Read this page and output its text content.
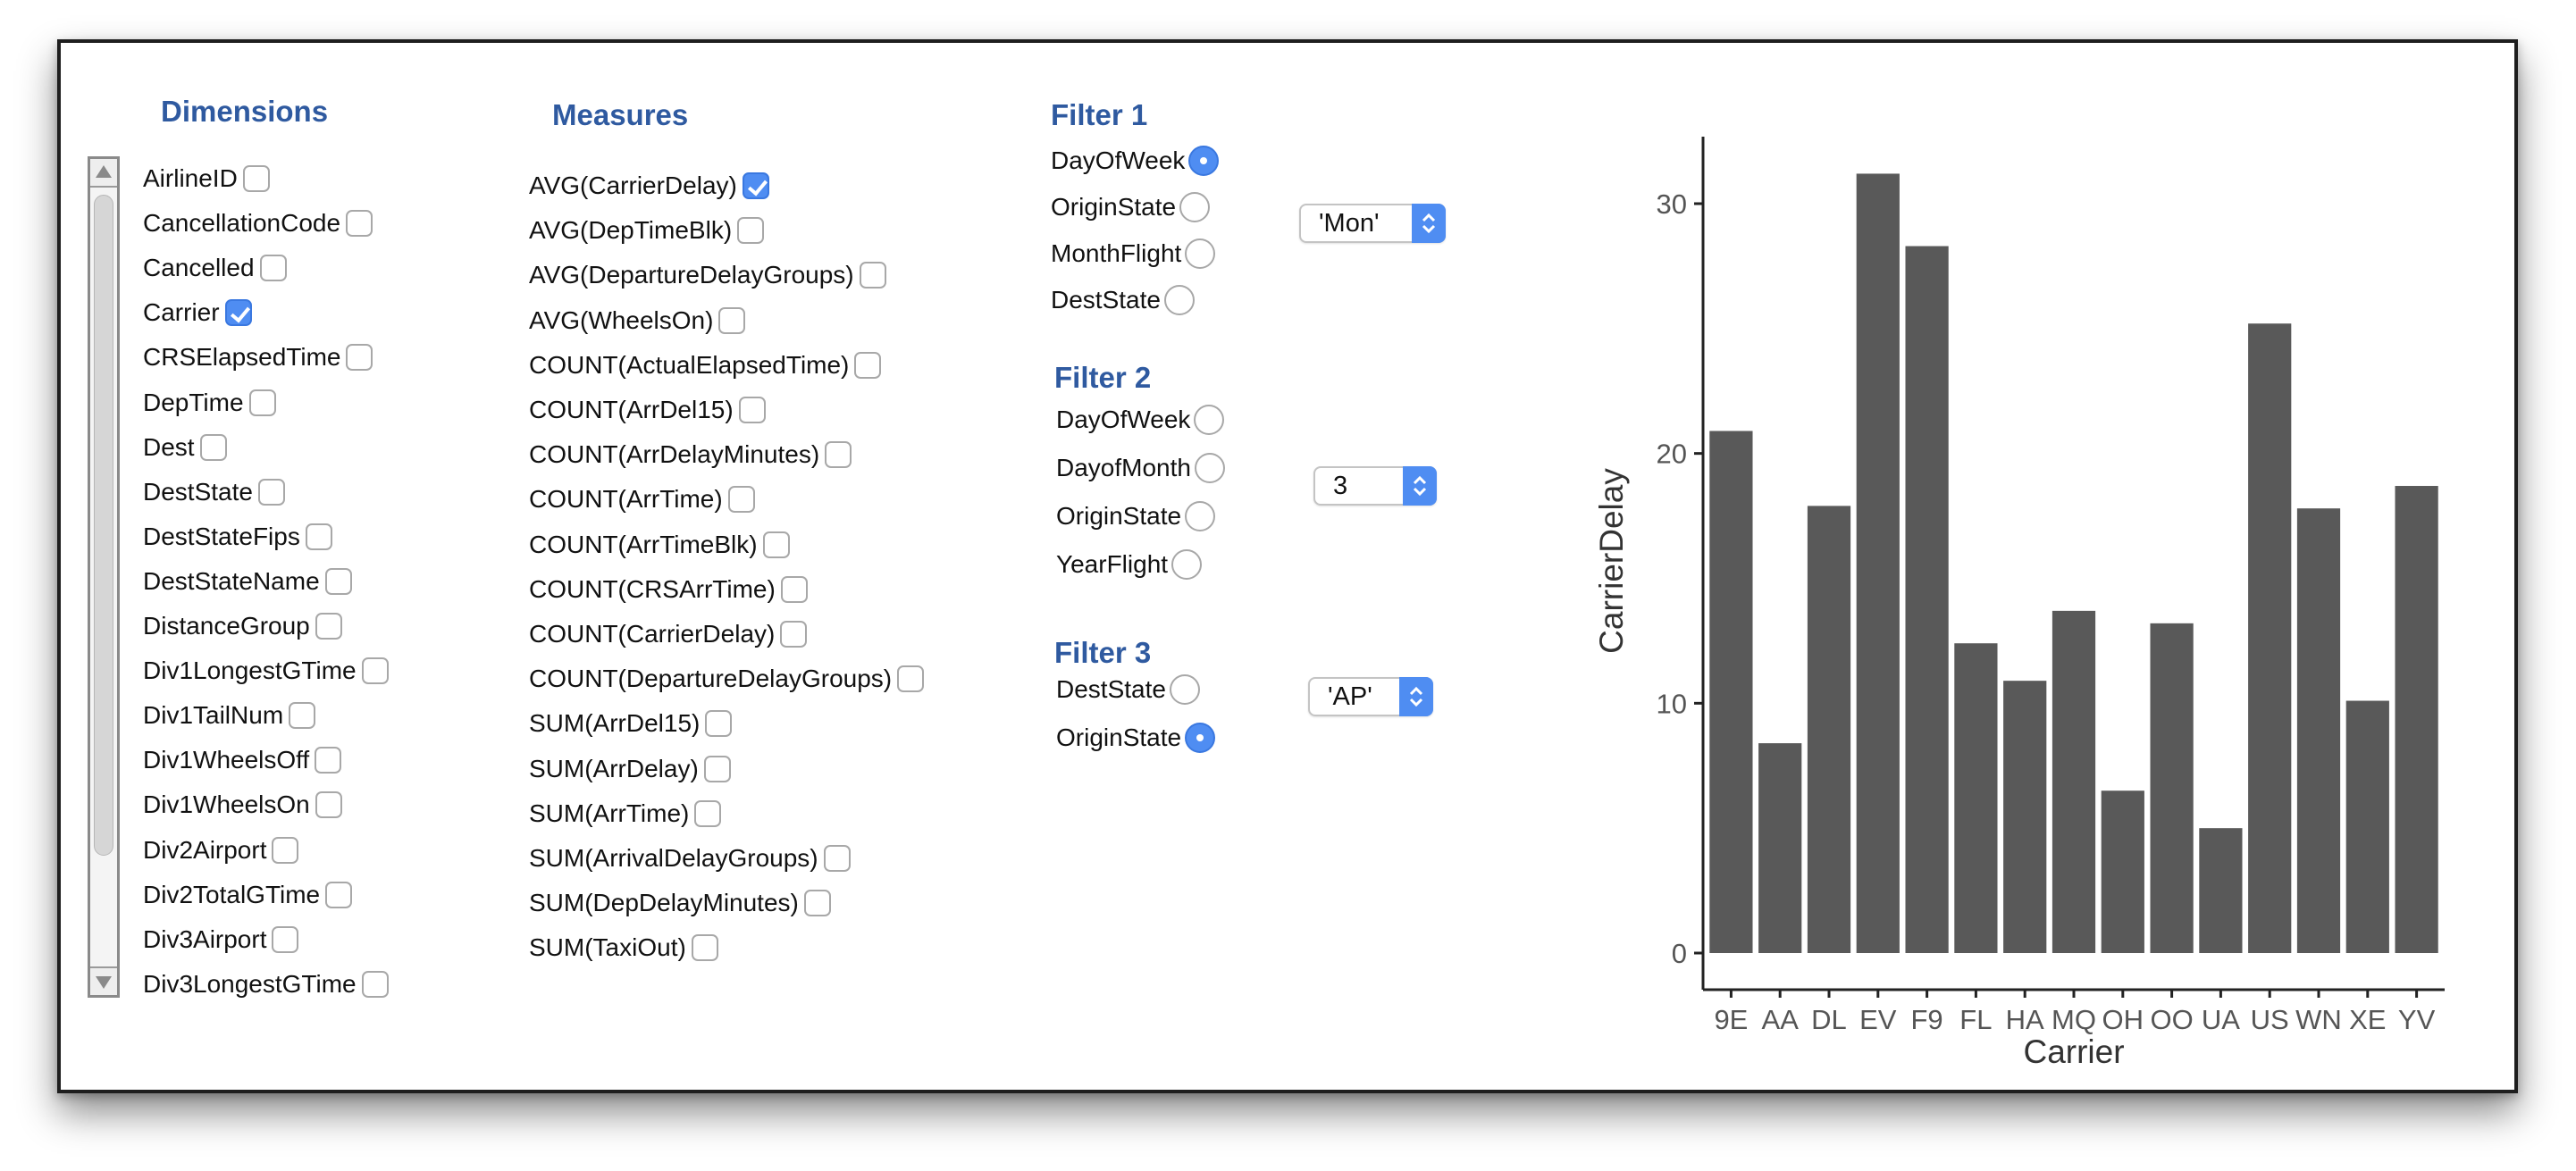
Dimensions	Measures
0
10
20
30
9E AA DL EV F9 FL HA MQ OH OO UA US WN XE YV
Carrier
CarrierDelay
AirlineID
CancellationCode
Cancelled
Carrier
CRSElapsedTime
DepTime
Dest
DestState
DestStateFips
DestStateName
DistanceGroup
Div1LongestGTime
Div1TailNum
Div1WheelsOff
Div1WheelsOn
Div2Airport
Div2TotalGTime
Div3Airport
Div3LongestGTime
AVG(CarrierDelay)
AVG(DepTimeBlk)
AVG(DepartureDelayGroups)
AVG(WheelsOn)
COUNT(ActualElapsedTime)
COUNT(ArrDel15)
COUNT(ArrDelayMinutes)
COUNT(ArrTime)
COUNT(ArrTimeBlk)
COUNT(CRSArrTime)
COUNT(CarrierDelay)
COUNT(DepartureDelayGroups)
SUM(ArrDel15)
SUM(ArrDelay)
SUM(ArrTime)
SUM(ArrivalDelayGroups)
SUM(DepDelayMinutes)
SUM(TaxiOut)
Filter 1
DayOfWeek
OriginState
MonthFlight
DestState
'Mon'
Filter 2
DayOfWeek
DayofMonth
OriginState
YearFlight
3
Filter 3
DestState
OriginState
'AP'
